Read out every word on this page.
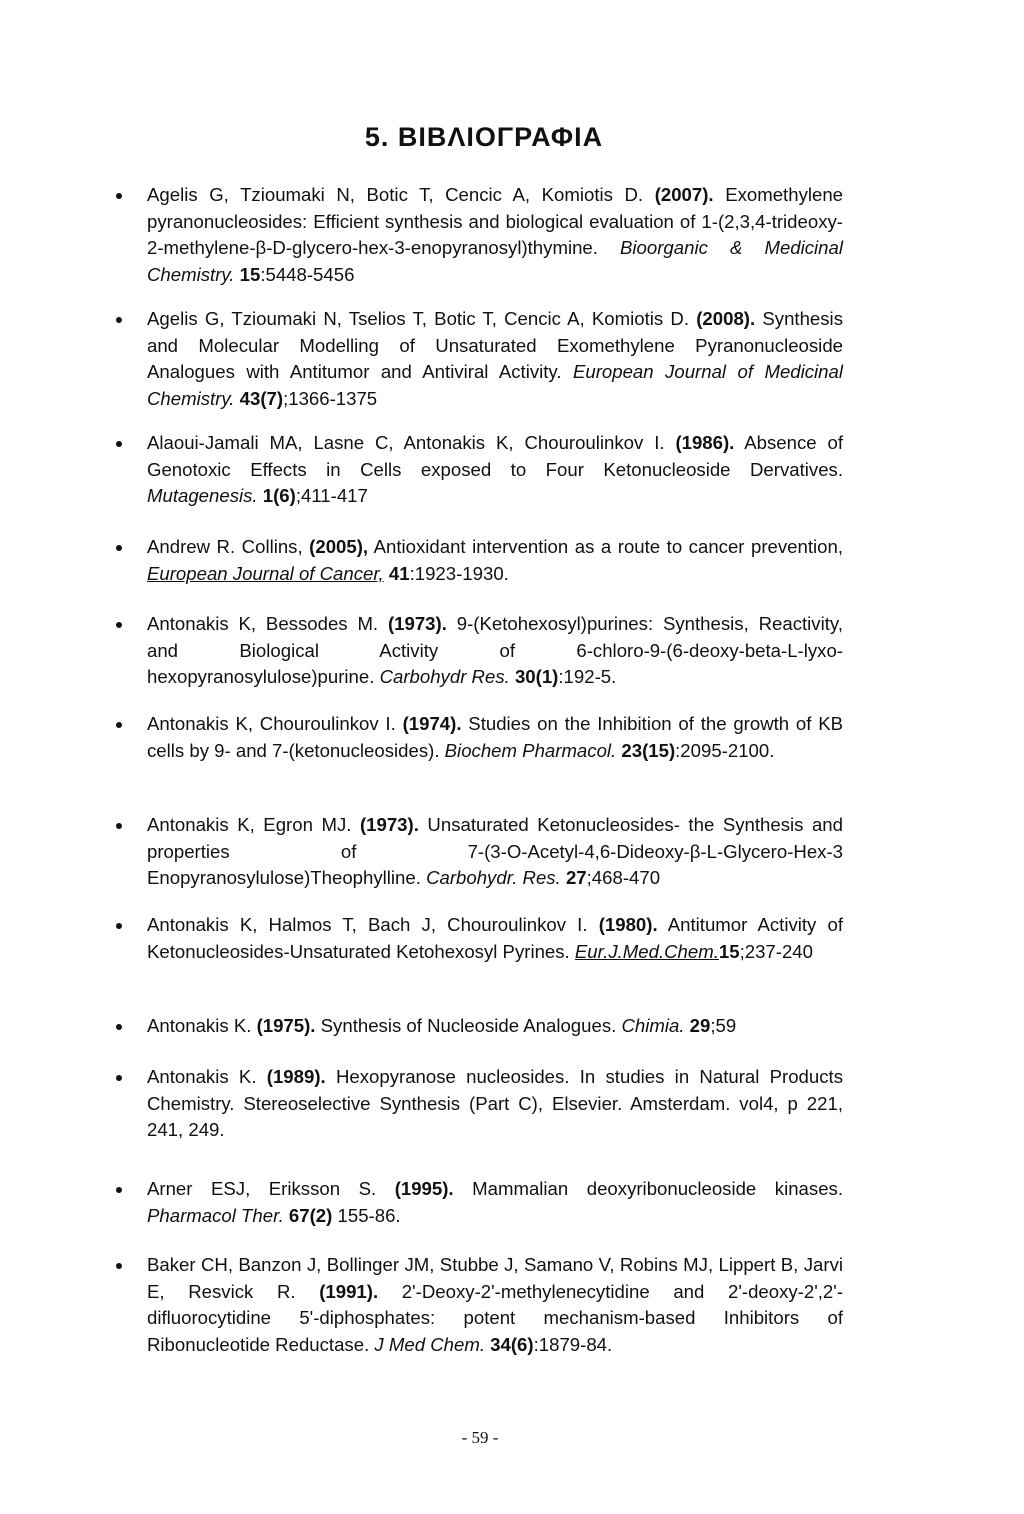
5. ΒΙΒΛΙΟΓΡΑΦΙΑ
Agelis G, Tzioumaki N, Botic T, Cencic A, Komiotis D. (2007). Exomethylene pyranonucleosides: Efficient synthesis and biological evaluation of 1-(2,3,4-trideoxy-2-methylene-β-D-glycero-hex-3-enopyranosyl)thymine. Bioorganic & Medicinal Chemistry. 15:5448-5456
Agelis G, Tzioumaki N, Tselios T, Botic T, Cencic A, Komiotis D. (2008). Synthesis and Molecular Modelling of Unsaturated Exomethylene Pyranonucleoside Analogues with Antitumor and Antiviral Activity. European Journal of Medicinal Chemistry. 43(7);1366-1375
Alaoui-Jamali MA, Lasne C, Antonakis K, Chouroulinkov I. (1986). Absence of Genotoxic Effects in Cells exposed to Four Ketonucleoside Dervatives. Mutagenesis. 1(6);411-417
Andrew R. Collins, (2005), Antioxidant intervention as a route to cancer prevention, European Journal of Cancer, 41:1923-1930.
Antonakis K, Bessodes M. (1973). 9-(Ketohexosyl)purines: Synthesis, Reactivity, and Biological Activity of 6-chloro-9-(6-deoxy-beta-L-lyxo-hexopyranosylulose)purine. Carbohydr Res. 30(1):192-5.
Antonakis K, Chouroulinkov I. (1974). Studies on the Inhibition of the growth of KB cells by 9- and 7-(ketonucleosides). Biochem Pharmacol. 23(15):2095-2100.
Antonakis K, Egron MJ. (1973). Unsaturated Ketonucleosides- the Synthesis and properties of 7-(3-O-Acetyl-4,6-Dideoxy-β-L-Glycero-Hex-3 Enopyranosylulose)Theophylline. Carbohydr. Res. 27;468-470
Antonakis K, Halmos T, Bach J, Chouroulinkov I. (1980). Antitumor Activity of Ketonucleosides-Unsaturated Ketohexosyl Pyrines. Eur.J.Med.Chem.15;237-240
Antonakis K. (1975). Synthesis of Nucleoside Analogues. Chimia. 29;59
Antonakis K. (1989). Hexopyranose nucleosides. In studies in Natural Products Chemistry. Stereoselective Synthesis (Part C), Elsevier. Amsterdam. vol4, p 221, 241, 249.
Arner ESJ, Eriksson S. (1995). Mammalian deoxyribonucleoside kinases. Pharmacol Ther. 67(2) 155-86.
Baker CH, Banzon J, Bollinger JM, Stubbe J, Samano V, Robins MJ, Lippert B, Jarvi E, Resvick R. (1991). 2'-Deoxy-2'-methylenecytidine and 2'-deoxy-2',2'-difluorocytidine 5'-diphosphates: potent mechanism-based Inhibitors of Ribonucleotide Reductase. J Med Chem. 34(6):1879-84.

- 59 -
